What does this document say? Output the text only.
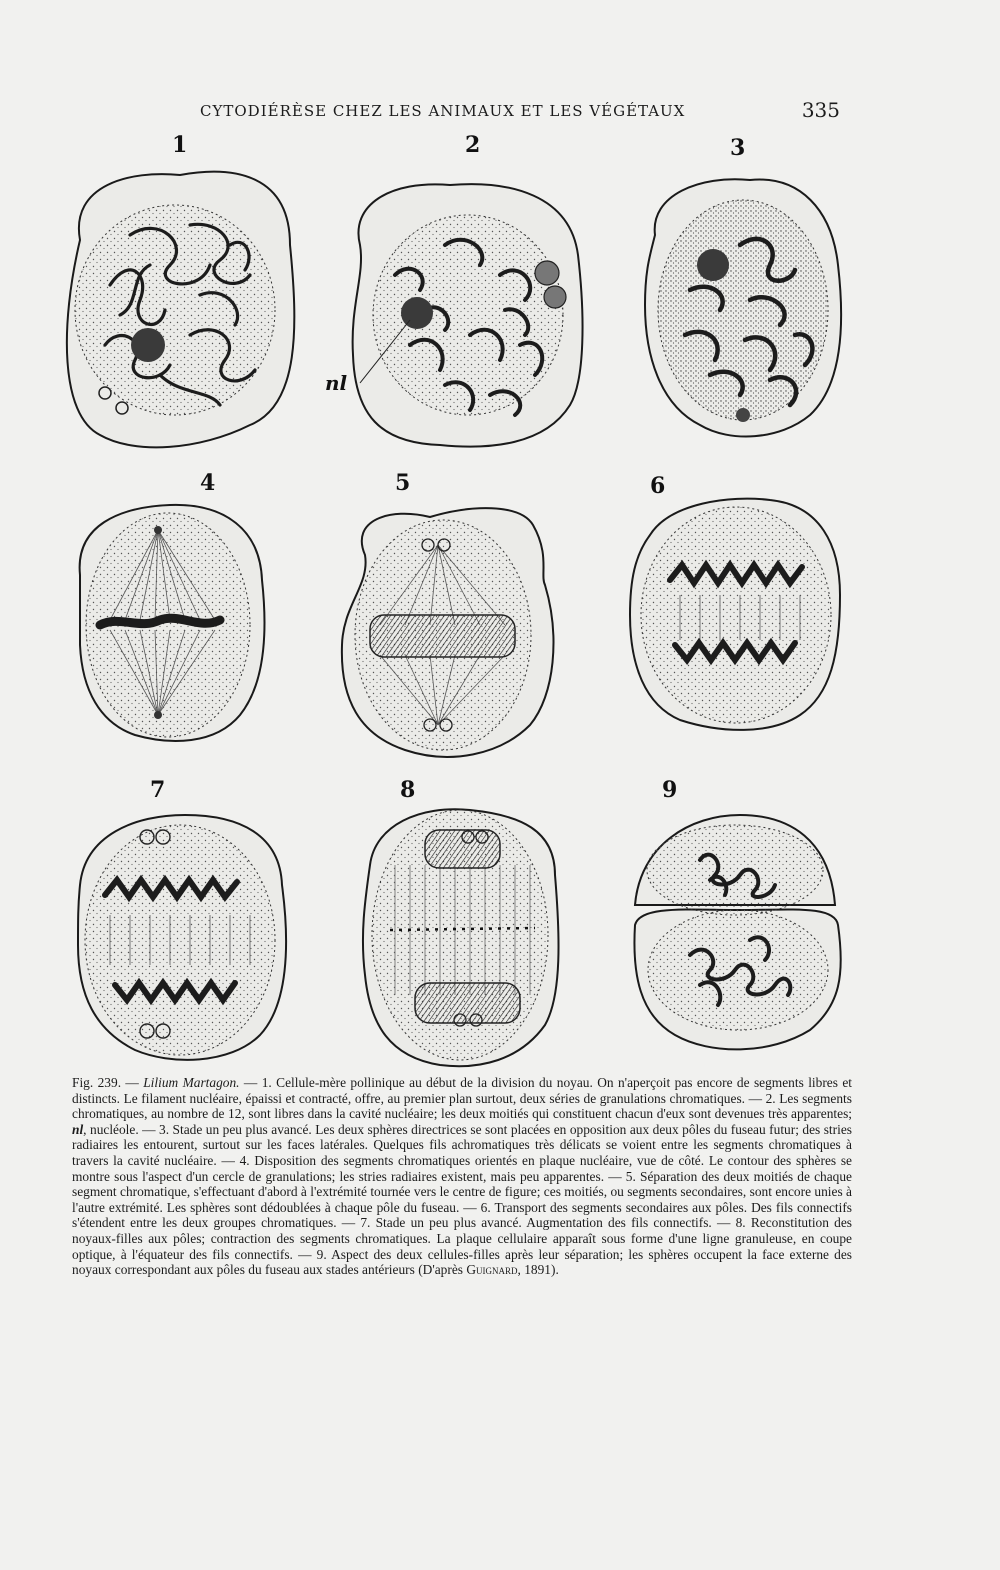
CYTODIÉRÈSE CHEZ LES ANIMAUX ET LES VÉGÉTAUX	335
1	2
nl
3
4	5	6
7	8	9
Fig. 239. — Lilium Martagon. — 1. Cellule-mère pollinique au début de la division du noyau. On n'aperçoit pas encore de segments libres et distincts. Le filament nucléaire, épaissi et contracté, offre, au premier plan surtout, deux séries de granulations chromatiques. — 2. Les segments chromatiques, au nombre de 12, sont libres dans la cavité nucléaire; les deux moitiés qui constituent chacun d'eux sont devenues très apparentes; nl, nucléole. — 3. Stade un peu plus avancé. Les deux sphères directrices se sont placées en opposition aux deux pôles du fuseau futur; des stries radiaires les entourent, surtout sur les faces latérales. Quelques fils achromatiques très délicats se voient entre les segments chromatiques à travers la cavité nucléaire. — 4. Disposition des segments chromatiques orientés en plaque nucléaire, vue de côté. Le contour des sphères se montre sous l'aspect d'un cercle de granulations; les stries radiaires existent, mais peu apparentes. — 5. Séparation des deux moitiés de chaque segment chromatique, s'effectuant d'abord à l'extrémité tournée vers le centre de figure; ces moitiés, ou segments secondaires, sont encore unies à l'autre extrémité. Les sphères sont dédoublées à chaque pôle du fuseau. — 6. Transport des segments secondaires aux pôles. Des fils connectifs s'étendent entre les deux groupes chromatiques. — 7. Stade un peu plus avancé. Augmentation des fils connectifs. — 8. Reconstitution des noyaux-filles aux pôles; contraction des segments chromatiques. La plaque cellulaire apparaît sous forme d'une ligne granuleuse, en coupe optique, à l'équateur des fils connectifs. — 9. Aspect des deux cellules-filles après leur séparation; les sphères occupent la face externe des noyaux correspondant aux pôles du fuseau aux stades antérieurs (D'après Guignard, 1891).
